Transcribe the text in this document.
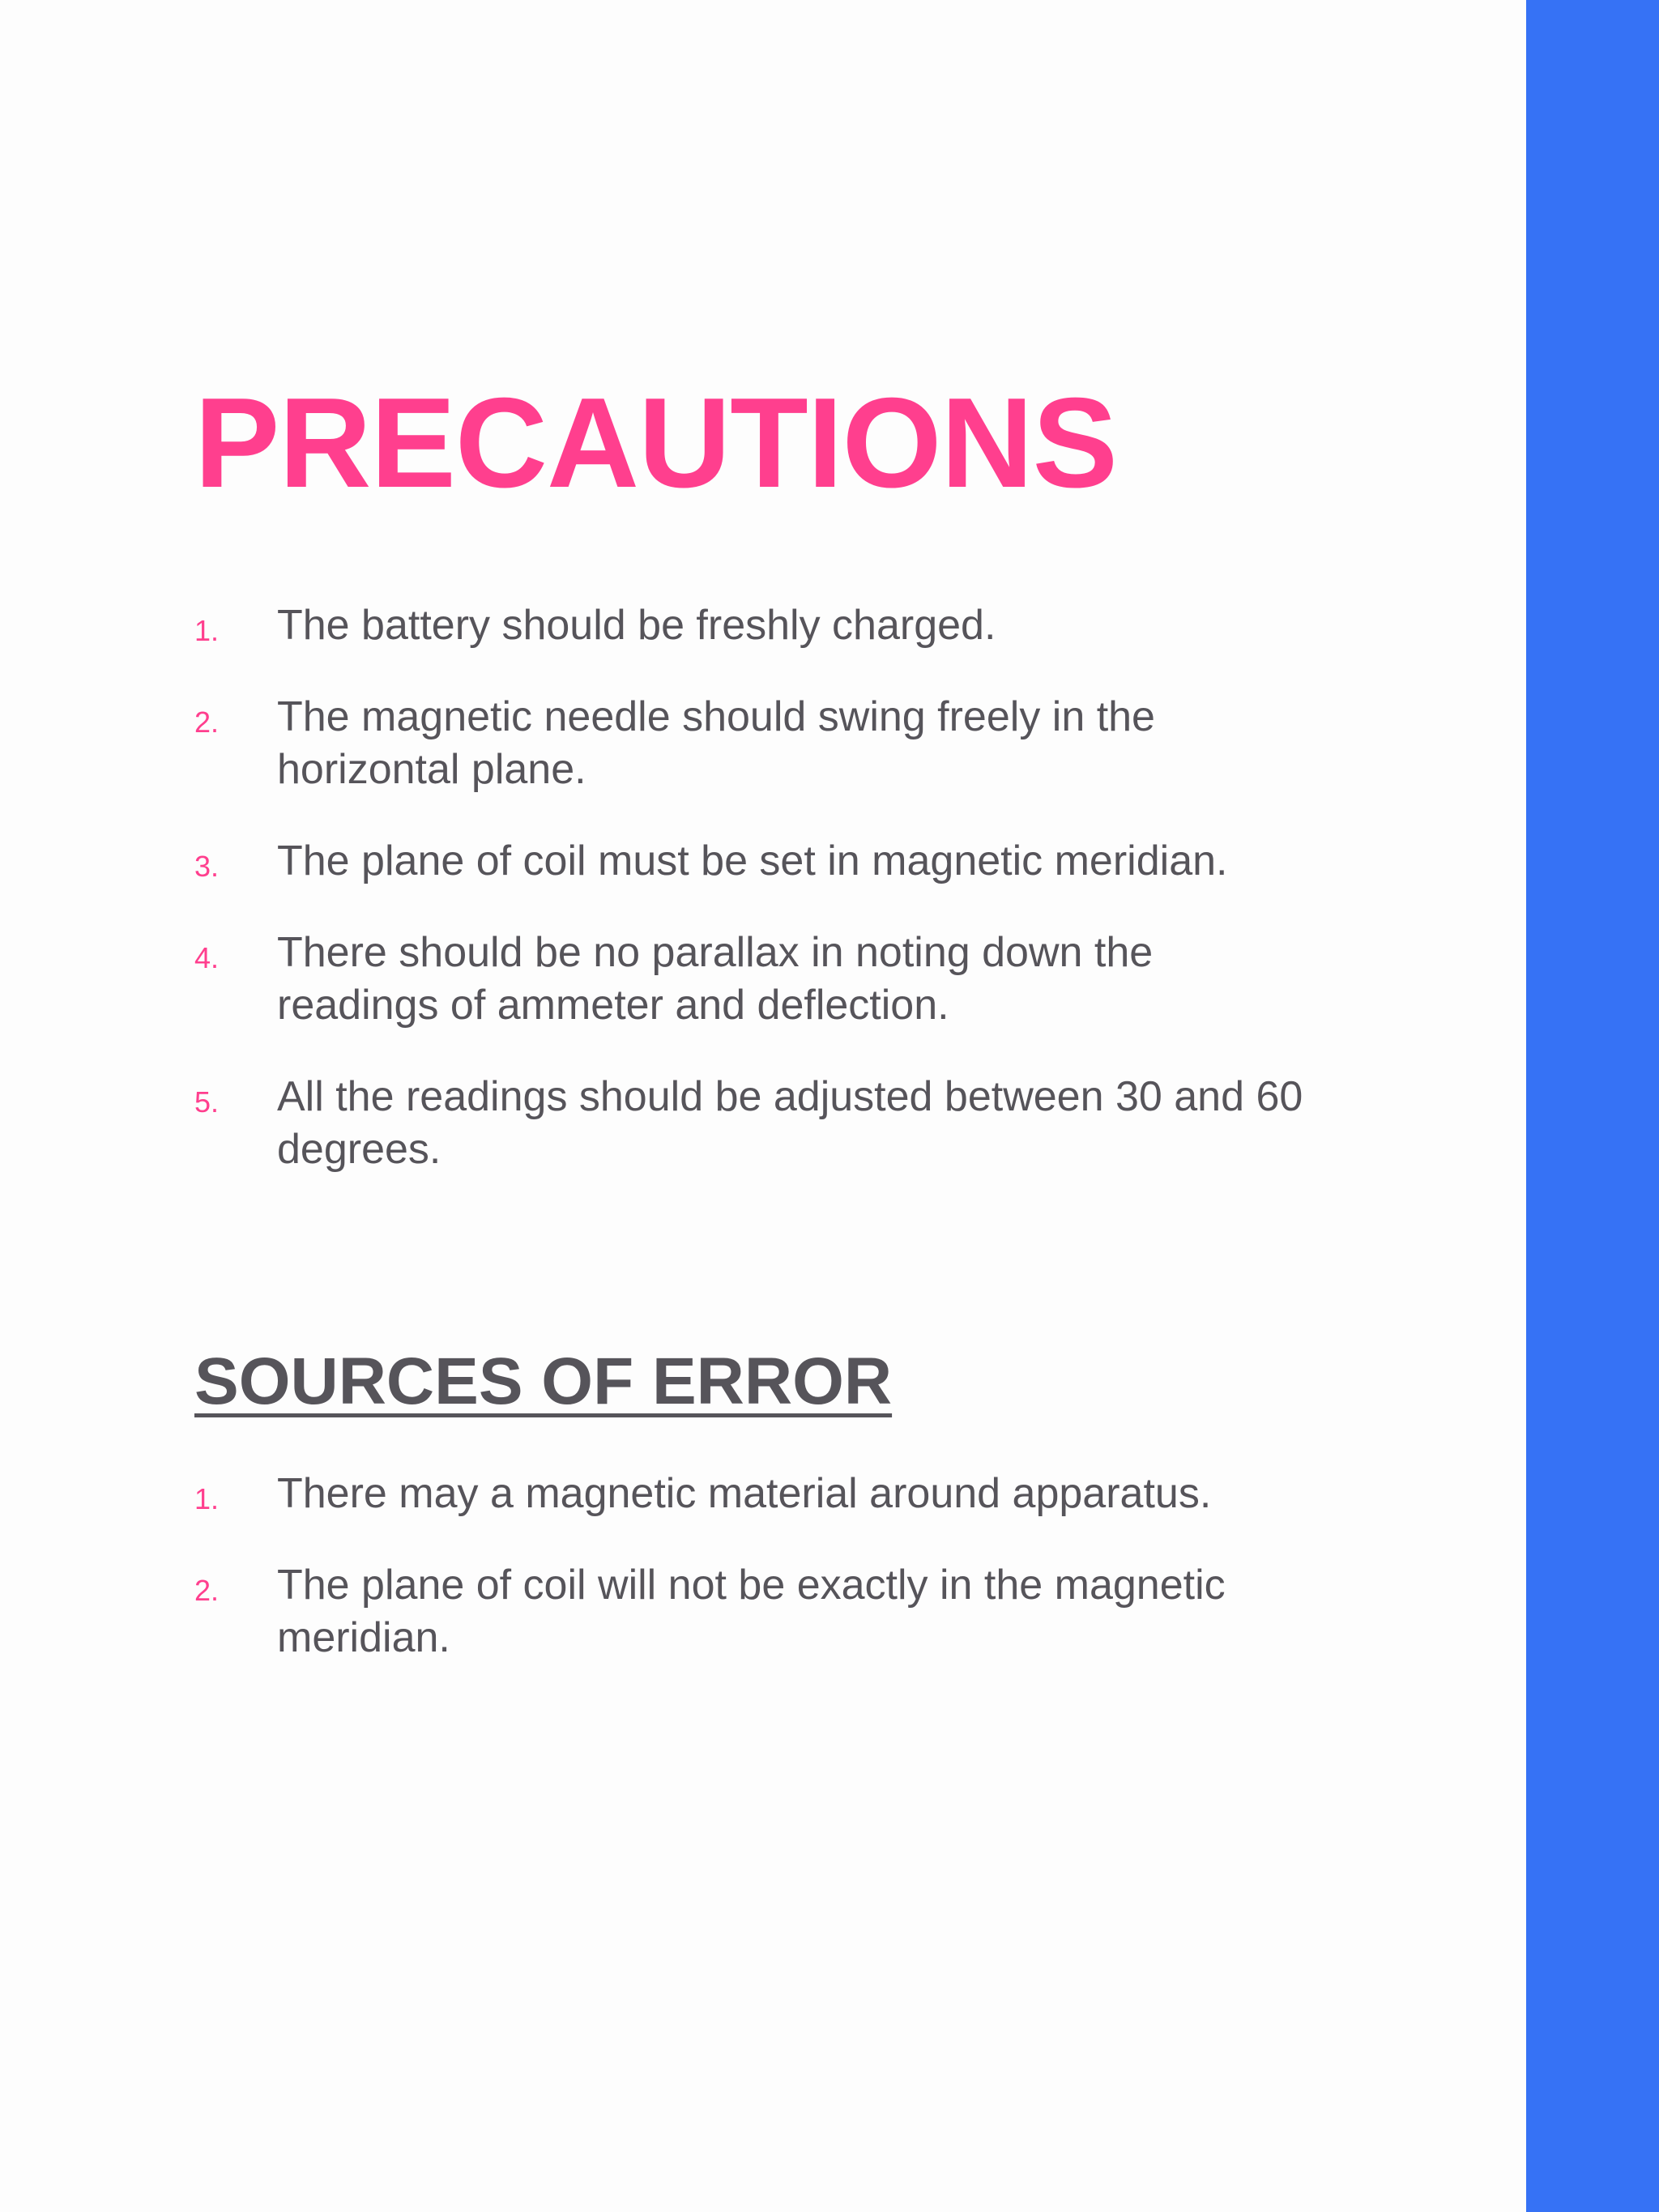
PRECAUTIONS
1. The battery should be freshly charged.
2. The magnetic needle should swing freely in the horizontal plane.
3. The plane of coil must be set in magnetic meridian.
4. There should be no parallax in noting down the readings of ammeter and deflection.
5. All the readings should be adjusted between 30 and 60 degrees.
SOURCES OF ERROR
1. There may a magnetic material around apparatus.
2. The plane of coil will not be exactly in the magnetic meridian.
